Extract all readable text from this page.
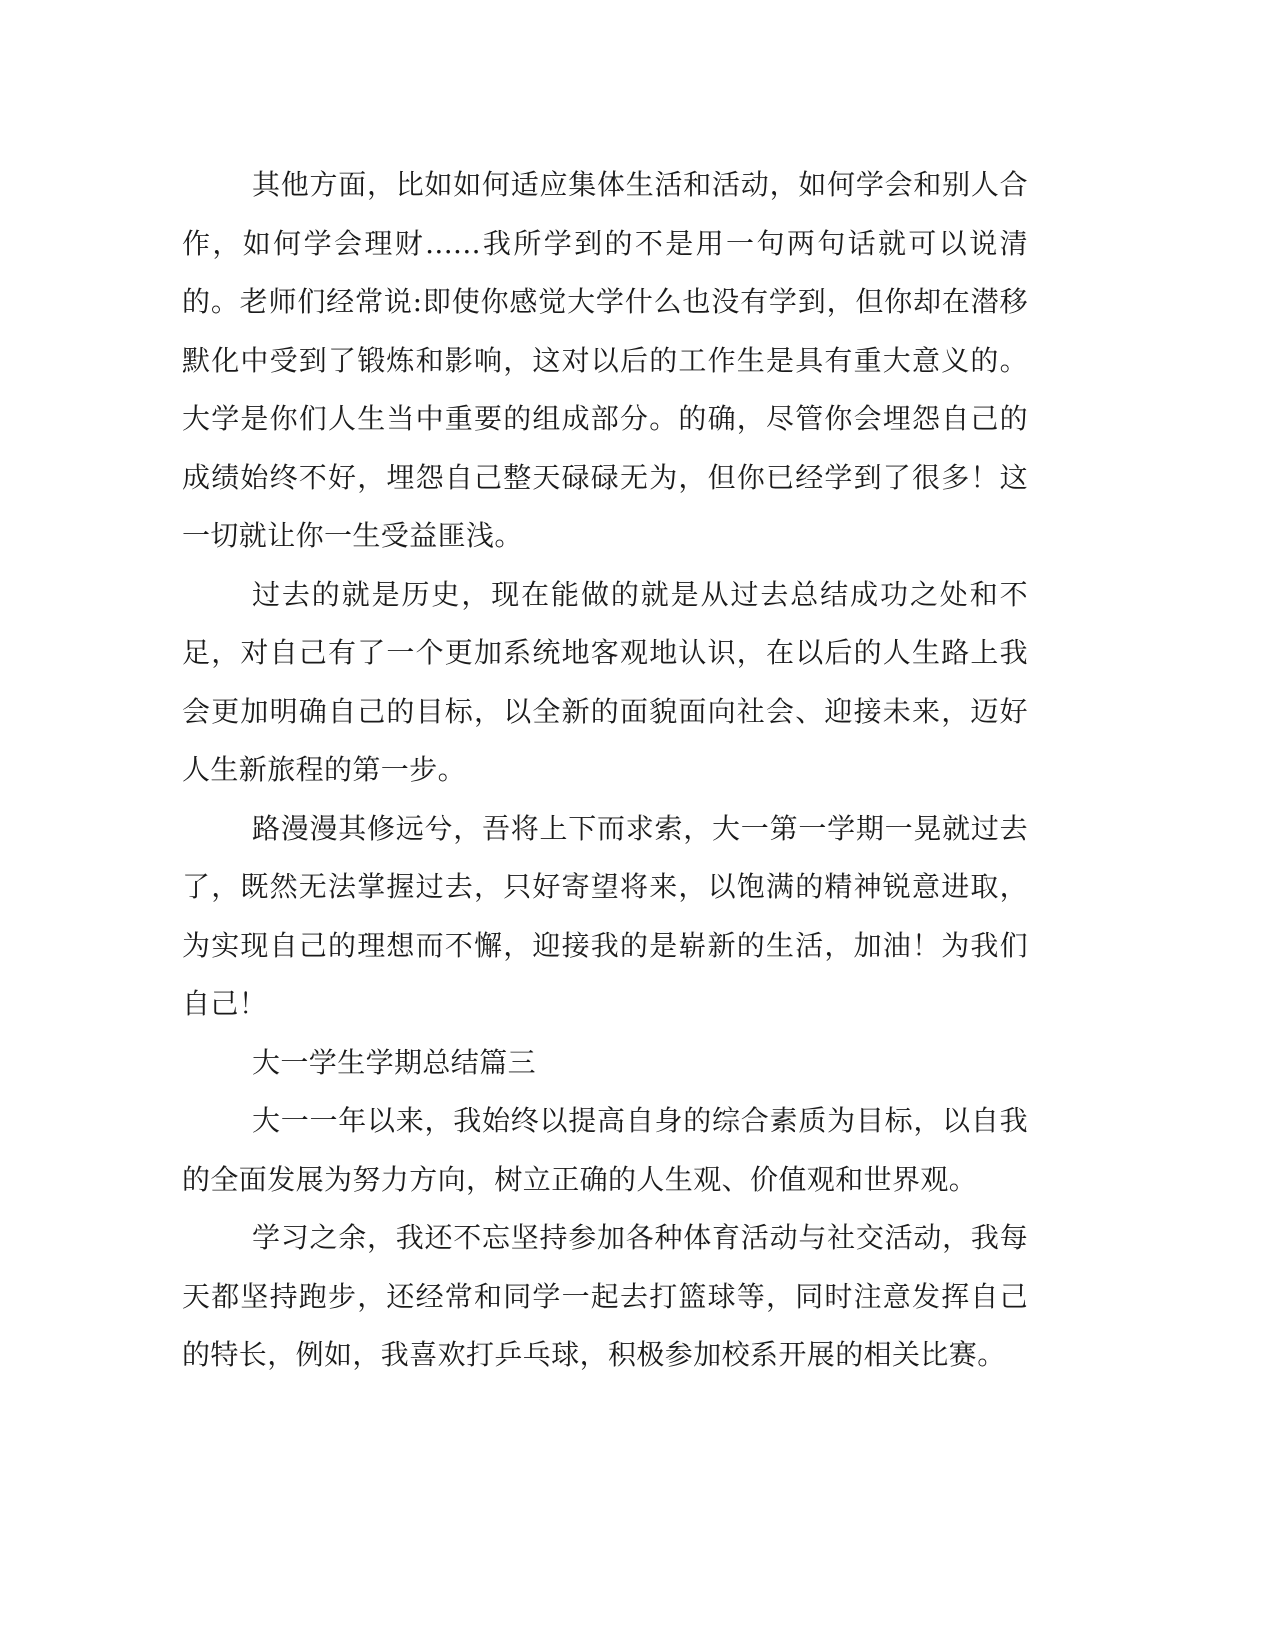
其他方面，比如如何适应集体生活和活动，如何学会和别人合作，如何学会理财......我所学到的不是用一句两句话就可以说清的。老师们经常说:即使你感觉大学什么也没有学到，但你却在潜移默化中受到了锻炼和影响，这对以后的工作生是具有重大意义的。大学是你们人生当中重要的组成部分。的确，尽管你会埋怨自己的成绩始终不好，埋怨自己整天碌碌无为，但你已经学到了很多！这一切就让你一生受益匪浅。

过去的就是历史，现在能做的就是从过去总结成功之处和不足，对自己有了一个更加系统地客观地认识，在以后的人生路上我会更加明确自己的目标，以全新的面貌面向社会、迎接未来，迈好人生新旅程的第一步。

路漫漫其修远兮，吾将上下而求索，大一第一学期一晃就过去了，既然无法掌握过去，只好寄望将来，以饱满的精神锐意进取，为实现自己的理想而不懈，迎接我的是崭新的生活，加油！为我们自己！

大一学生学期总结篇三

大一一年以来，我始终以提高自身的综合素质为目标，以自我的全面发展为努力方向，树立正确的人生观、价值观和世界观。

学习之余，我还不忘坚持参加各种体育活动与社交活动，我每天都坚持跑步，还经常和同学一起去打篮球等，同时注意发挥自己的特长，例如，我喜欢打乒乓球，积极参加校系开展的相关比赛。
